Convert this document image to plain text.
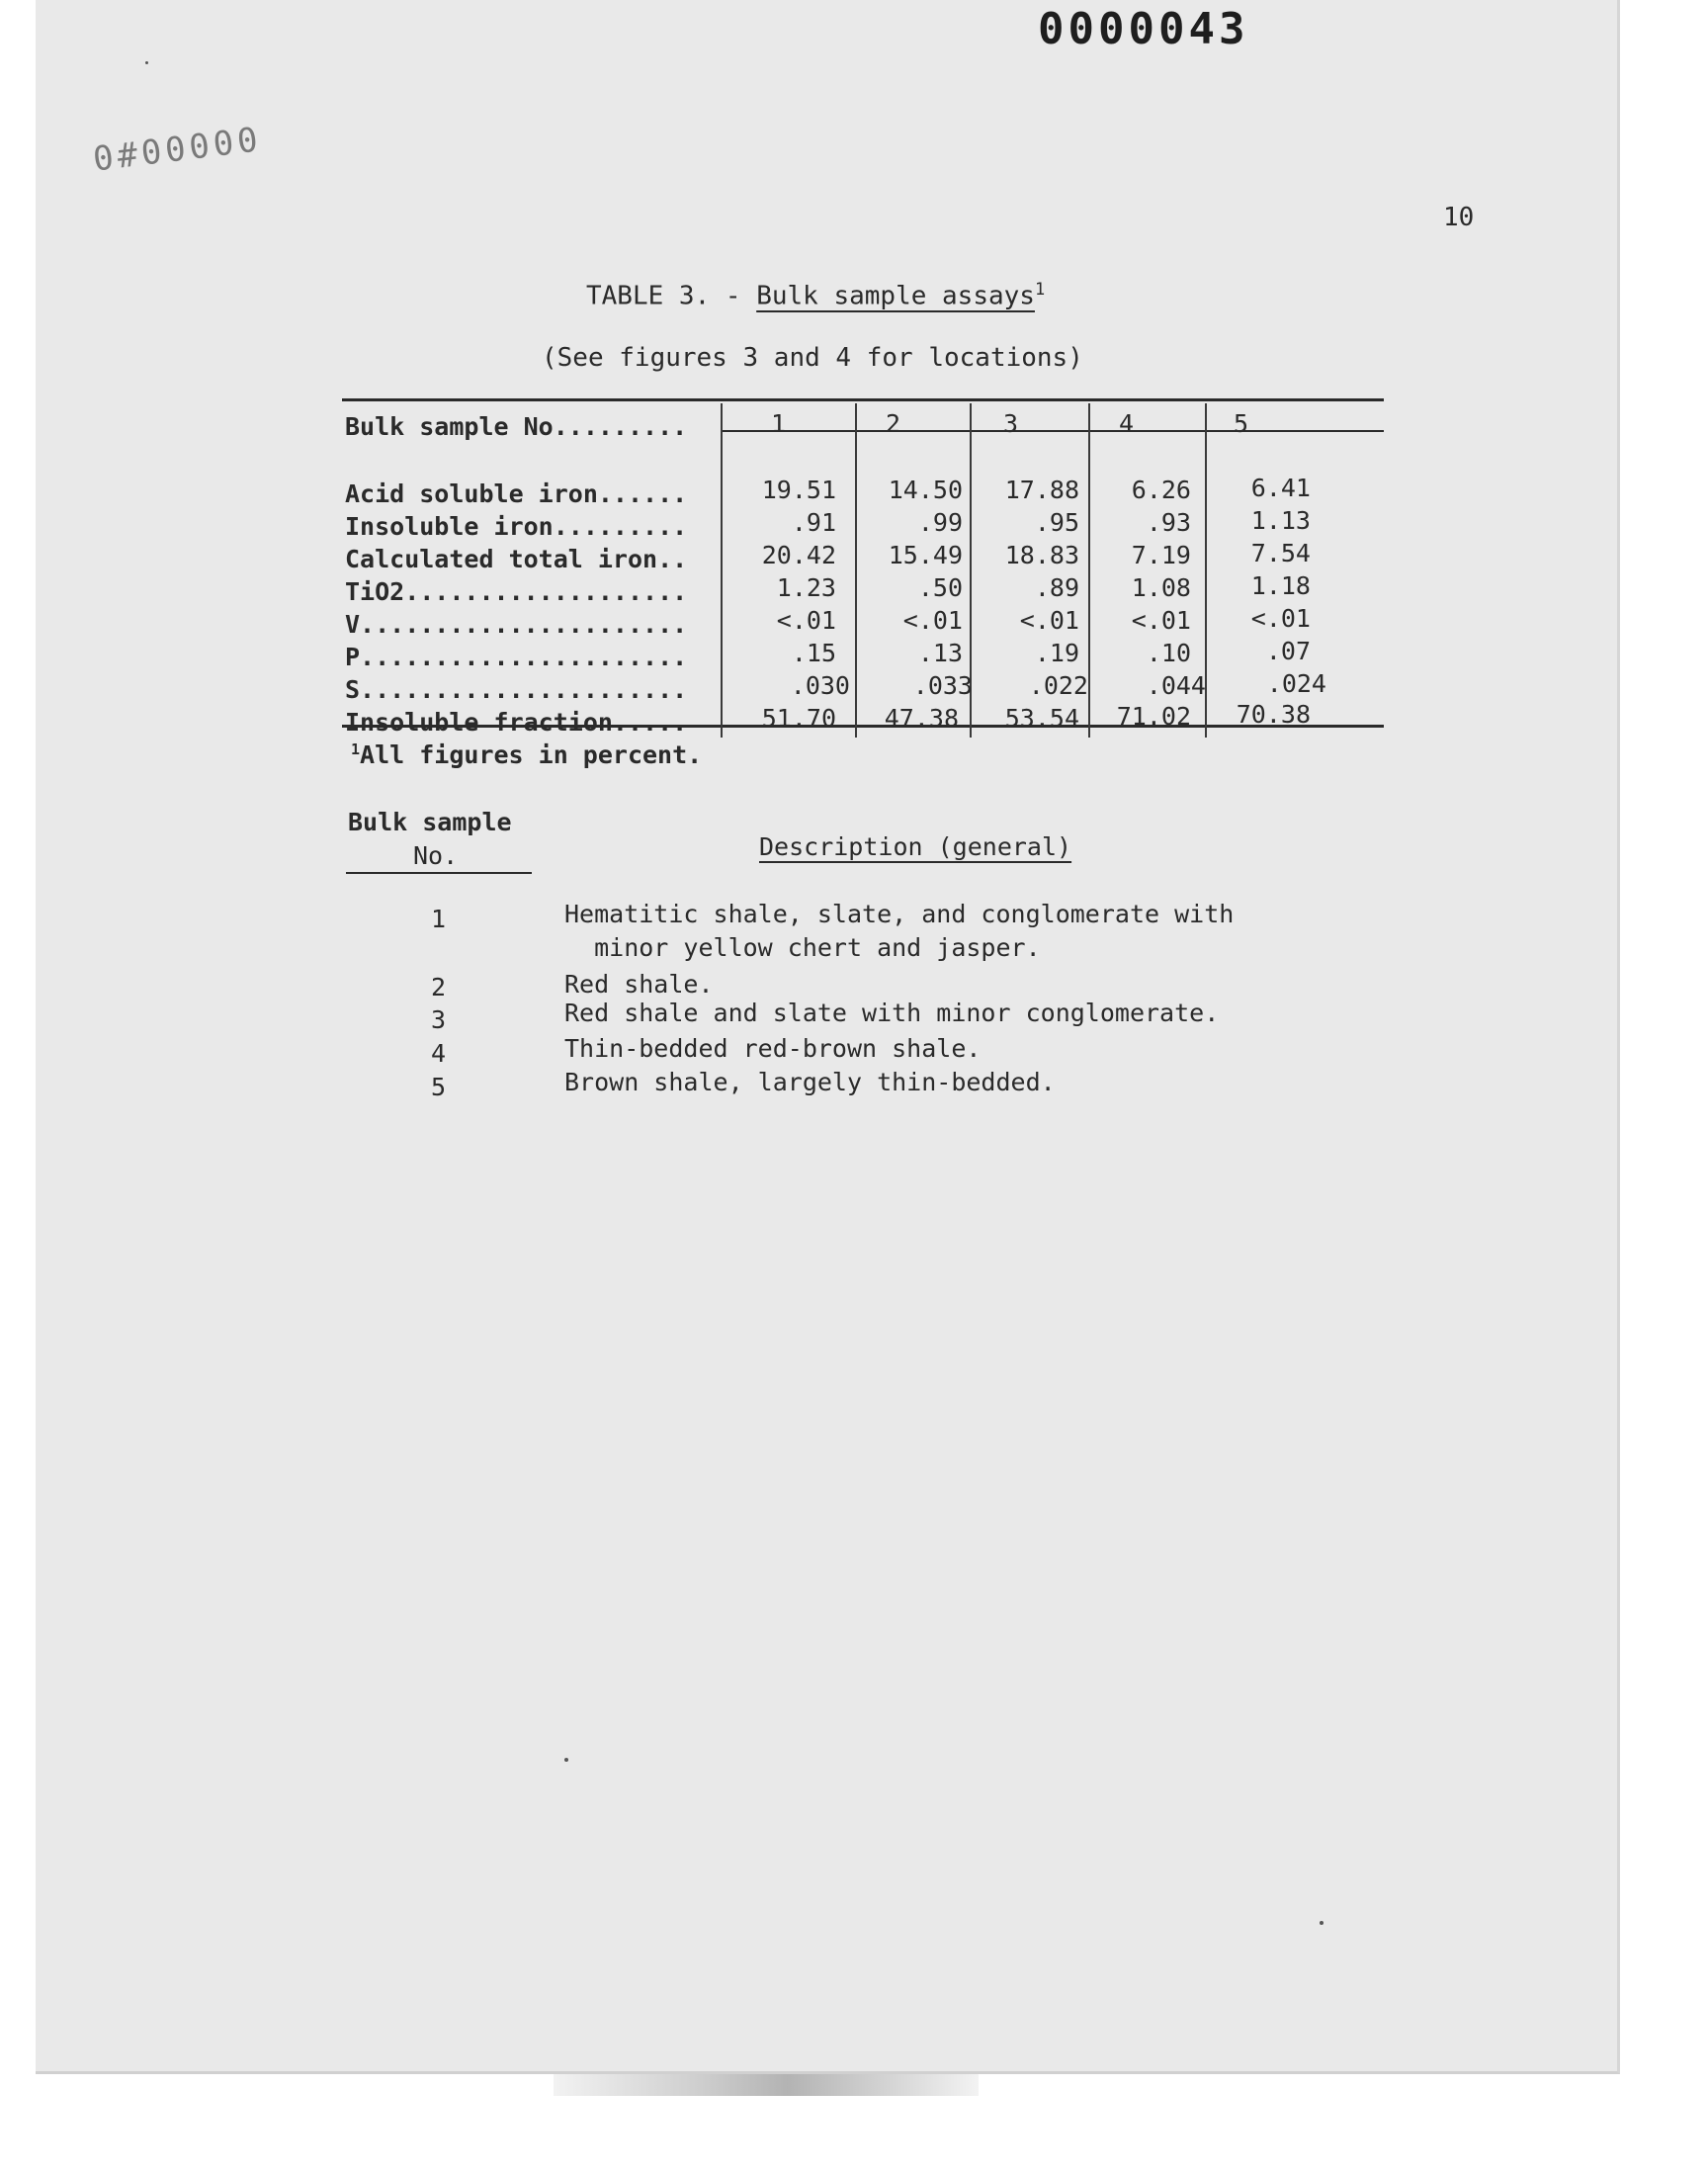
0000043
0#00000
10
TABLE 3. - Bulk sample assays$^1$
(See figures 3 and 4 for locations)
Bulk sample No.........	1	2	3	4	5
Acid soluble iron......	19.51	14.50	17.88	6.26	6.41
Insoluble iron.........	.91	.99	.95	.93	1.13
Calculated total iron..	20.42	15.49	18.83	7.19	7.54
TiO2...................	1.23	.50	.89	1.08	1.18
V......................	<.01	<.01	<.01	<.01	<.01
P......................	.15	.13	.19	.10	.07
S......................	.030	.033	.022	.044	.024
Insoluble fraction.....	51.70	47.38	53.54	71.02	70.38
$^1$All figures in percent.
Bulk sample
No.	Description (general)
1	Hematitic shale, slate, and conglomerate with
minor yellow chert and jasper.
2	Red shale.
3	Red shale and slate with minor conglomerate.
4	Thin-bedded red-brown shale.
5	Brown shale, largely thin-bedded.
